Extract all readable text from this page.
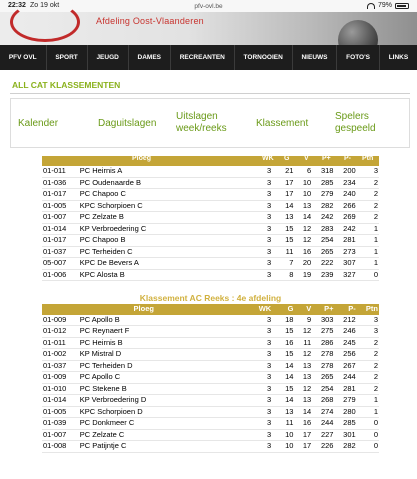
22:32 Zo 19 okt	pfv-ovl.be	79%
Afdeling Oost-Vlaanderen
PFV OVL	SPORT	JEUGD	DAMES	RECREANTEN	TORNOOIEN	NIEUWS	FOTO'S	LINKS
ALL CAT KLASSEMENTEN
Kalender	Daguitslagen
Uitslagen
week/reeks	Klassement
Spelers
gespeeld
Ploeg	WK G V P+ P- Ptn
01-011	PC Heirnis A	3	21	6	318	200	3
01-036	PC Oudenaarde B	3	17	10	285	234	2
01-017	PC Chapoo C	3	17	10	279	240	2
01-005	KPC Schorpioen C	3	14	13	282	266	2
01-007	PC Zelzate B	3	13	14	242	269	2
01-014	KP Verbroedering C	3	15	12	283	242	1
01-017	PC Chapoo B	3	15	12	254	281	1
01-037	PC Terheiden C	3	11	16	265	273	1
05-007	KPC De Bevers A	3	7	20	222	307	1
01-006	KPC Alosta B	3	8	19	239	327	0
Klassement AC Reeks : 4e afdeling
Ploeg		WK	G	V	P+	P-	Ptn
01-009	PC Apollo B	3	18	9	303	212	3
01-012	PC Reynaert F	3	15	12	275	246	3
01-011	PC Heirnis B	3	16	11	286	245	2
01-002	KP Mistral D	3	15	12	278	256	2
01-037	PC Terheiden D	3	14	13	278	267	2
01-009	PC Apollo C	3	14	13	265	244	2
01-010	PC Stekene B	3	15	12	254	281	2
01-014	KP Verbroedering D	3	14	13	268	279	1
01-005	KPC Schorpioen D	3	13	14	274	280	1
01-039	PC Donkmeer C	3	11	16	244	285	0
01-007	PC Zelzate C	3	10	17	227	301	0
01-008	PC Patijntje C	3	10	17	226	282	0
